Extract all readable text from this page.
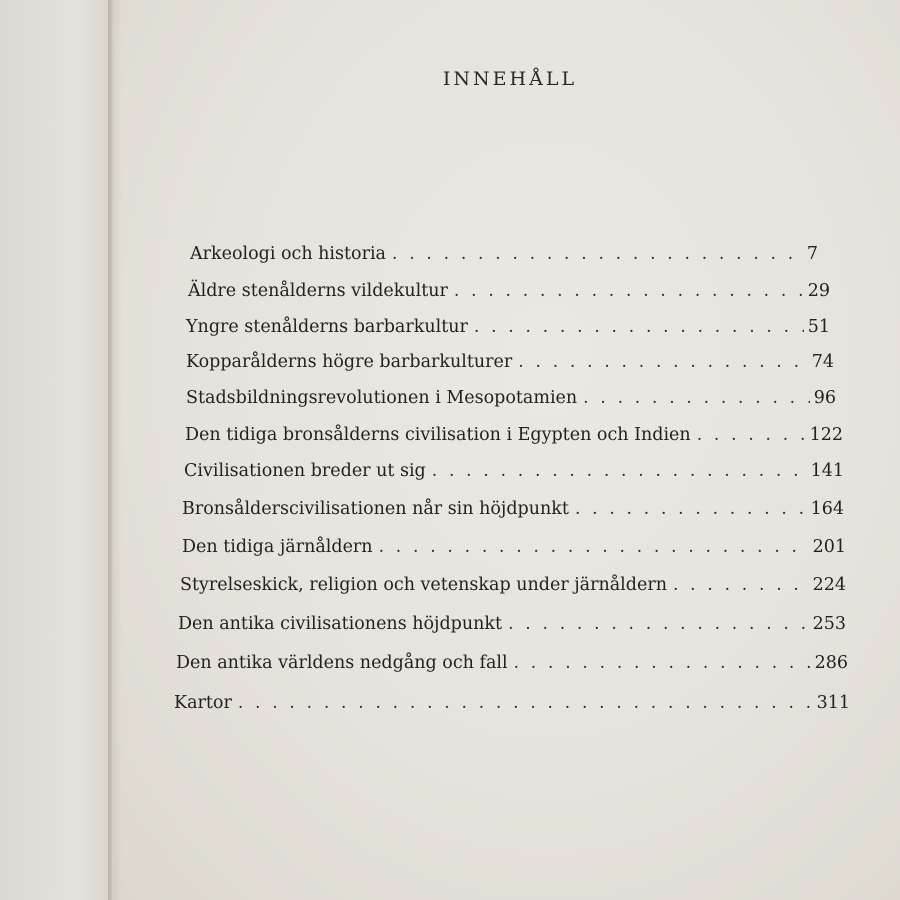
INNEHÅLL
Arkeologi och historia . . .	7
Äldre stenålderns vildekultur . . .	29
Yngre stenålderns barbarkultur . . .	51
Kopparålderns högre barbarkulturer . . .	74
Stadsbildningsrevolutionen i Mesopotamien . . .	96
Den tidiga bronsålderns civilisation i Egypten och Indien . . .	122
Civilisationen breder ut sig . . .	141
Bronsålderscivilisationen når sin höjdpunkt . . .	164
Den tidiga järnåldern . . .	201
Styrelseskick, religion och vetenskap under järnåldern . . .	224
Den antika civilisationens höjdpunkt . . .	253
Den antika världens nedgång och fall . . .	286
Kartor . . .	311
